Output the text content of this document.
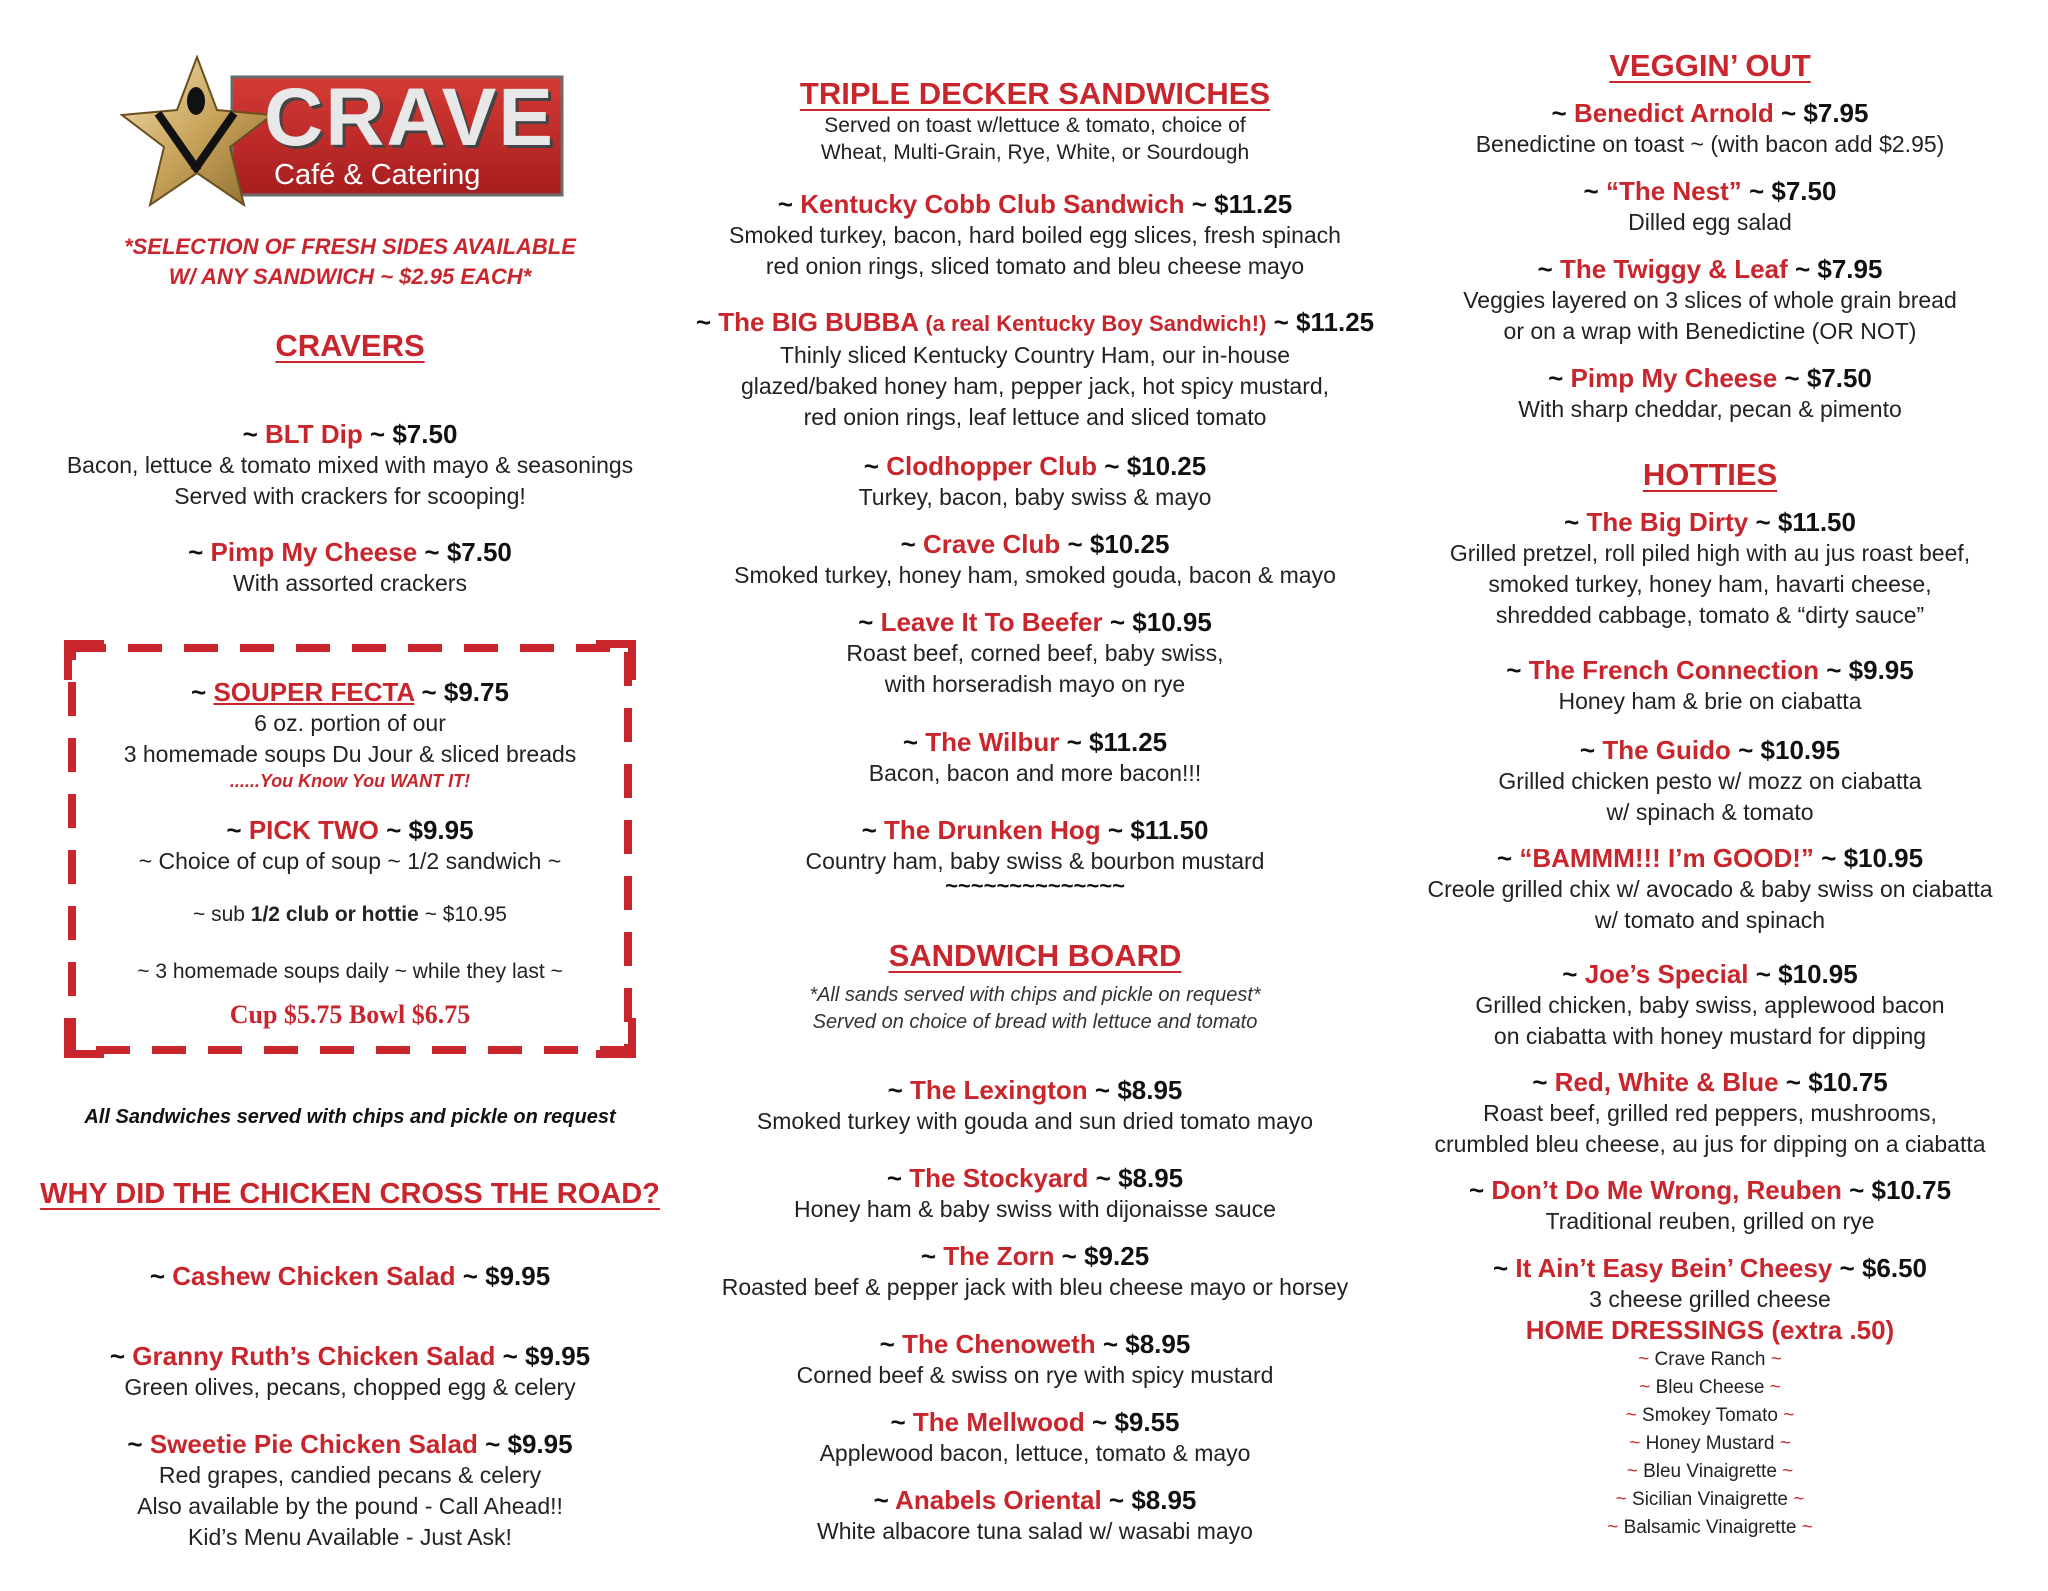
CRAVE
Café & Catering
*SELECTION OF FRESH SIDES AVAILABLE
W/ ANY SANDWICH ~ $2.95 EACH*
CRAVERS
~ BLT Dip ~ $7.50
Bacon, lettuce & tomato mixed with mayo & seasonings
Served with crackers for scooping!
~ Pimp My Cheese ~ $7.50
With assorted crackers
~ SOUPER FECTA ~ $9.75
6 oz. portion of our
3 homemade soups Du Jour & sliced breads
......You Know You WANT IT!
~ PICK TWO ~ $9.95
~ Choice of cup of soup ~ 1/2 sandwich ~
~ sub 1/2 club or hottie ~ $10.95
~ 3 homemade soups daily ~ while they last ~
Cup $5.75 Bowl $6.75
All Sandwiches served with chips and pickle on request
WHY DID THE CHICKEN CROSS THE ROAD?
~ Cashew Chicken Salad ~ $9.95
~ Granny Ruth’s Chicken Salad ~ $9.95
Green olives, pecans, chopped egg & celery
~ Sweetie Pie Chicken Salad ~ $9.95
Red grapes, candied pecans & celery
Also available by the pound - Call Ahead!!
Kid’s Menu Available - Just Ask!
TRIPLE DECKER SANDWICHES
Served on toast w/lettuce & tomato, choice of
Wheat, Multi-Grain, Rye, White, or Sourdough
~ Kentucky Cobb Club Sandwich ~ $11.25
Smoked turkey, bacon, hard boiled egg slices, fresh spinach
red onion rings, sliced tomato and bleu cheese mayo
~ The BIG BUBBA (a real Kentucky Boy Sandwich!) ~ $11.25
Thinly sliced Kentucky Country Ham, our in-house
glazed/baked honey ham, pepper jack, hot spicy mustard,
red onion rings, leaf lettuce and sliced tomato
~ Clodhopper Club ~ $10.25
Turkey, bacon, baby swiss & mayo
~ Crave Club ~ $10.25
Smoked turkey, honey ham, smoked gouda, bacon & mayo
~ Leave It To Beefer ~ $10.95
Roast beef, corned beef, baby swiss,
with horseradish mayo on rye
~ The Wilbur ~ $11.25
Bacon, bacon and more bacon!!!
~ The Drunken Hog ~ $11.50
Country ham, baby swiss & bourbon mustard
~~~~~~~~~~~~~~
SANDWICH BOARD
*All sands served with chips and pickle on request*
Served on choice of bread with lettuce and tomato
~ The Lexington ~ $8.95
Smoked turkey with gouda and sun dried tomato mayo
~ The Stockyard ~ $8.95
Honey ham & baby swiss with dijonaisse sauce
~ The Zorn ~ $9.25
Roasted beef & pepper jack with bleu cheese mayo or horsey
~ The Chenoweth ~ $8.95
Corned beef & swiss on rye with spicy mustard
~ The Mellwood ~ $9.55
Applewood bacon, lettuce, tomato & mayo
~ Anabels Oriental ~ $8.95
White albacore tuna salad w/ wasabi mayo
VEGGIN’ OUT
~ Benedict Arnold ~ $7.95
Benedictine on toast ~ (with bacon add $2.95)
~ “The Nest” ~ $7.50
Dilled egg salad
~ The Twiggy & Leaf ~ $7.95
Veggies layered on 3 slices of whole grain bread
or on a wrap with Benedictine (OR NOT)
~ Pimp My Cheese ~ $7.50
With sharp cheddar, pecan & pimento
HOTTIES
~ The Big Dirty ~ $11.50
Grilled pretzel, roll piled high with au jus roast beef,
smoked turkey, honey ham, havarti cheese,
shredded cabbage, tomato & “dirty sauce”
~ The French Connection ~ $9.95
Honey ham & brie on ciabatta
~ The Guido ~ $10.95
Grilled chicken pesto w/ mozz on ciabatta
w/ spinach & tomato
~ “BAMMM!!! I’m GOOD!” ~ $10.95
Creole grilled chix w/ avocado & baby swiss on ciabatta
w/ tomato and spinach
~ Joe’s Special ~ $10.95
Grilled chicken, baby swiss, applewood bacon
on ciabatta with honey mustard for dipping
~ Red, White & Blue ~ $10.75
Roast beef, grilled red peppers, mushrooms,
crumbled bleu cheese, au jus for dipping on a ciabatta
~ Don’t Do Me Wrong, Reuben ~ $10.75
Traditional reuben, grilled on rye
~ It Ain’t Easy Bein’ Cheesy ~ $6.50
3 cheese grilled cheese
HOME DRESSINGS (extra .50)
~ Crave Ranch ~
~ Bleu Cheese ~
~ Smokey Tomato ~
~ Honey Mustard ~
~ Bleu Vinaigrette ~
~ Sicilian Vinaigrette ~
~ Balsamic Vinaigrette ~
